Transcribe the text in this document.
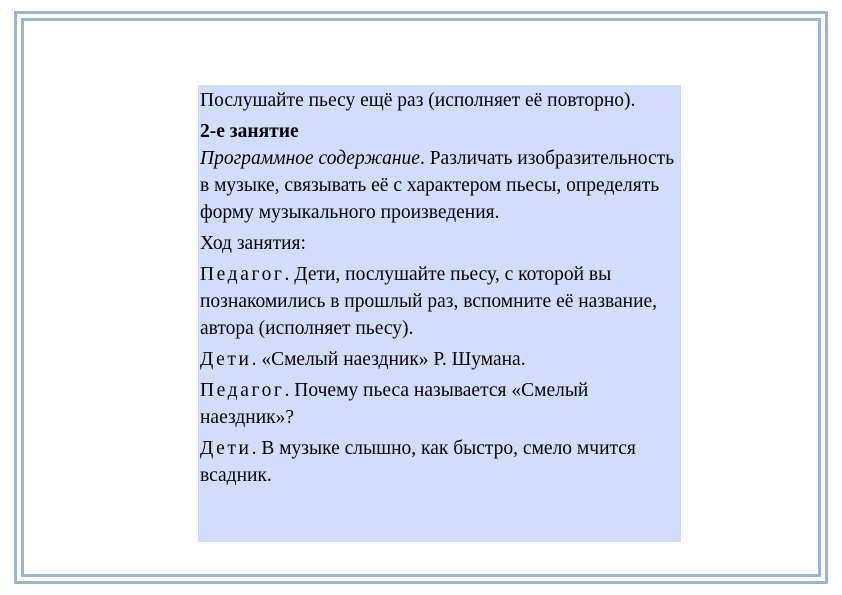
Послушайте пьесу ещё раз (исполняет её повторно).

2-е занятие
Программное содержание. Различать изобразительность в музыке, связывать её с характером пьесы, определять форму музыкального произведения.

Ход занятия:

Педагог. Дети, послушайте пьесу, с которой вы познакомились в прошлый раз, вспомните её название, автора (исполняет пьесу).

Дети. «Смелый наездник» Р. Шумана.

Педагог. Почему пьеса называется «Смелый наездник»?

Дети. В музыке слышно, как быстро, смело мчится всадник.
